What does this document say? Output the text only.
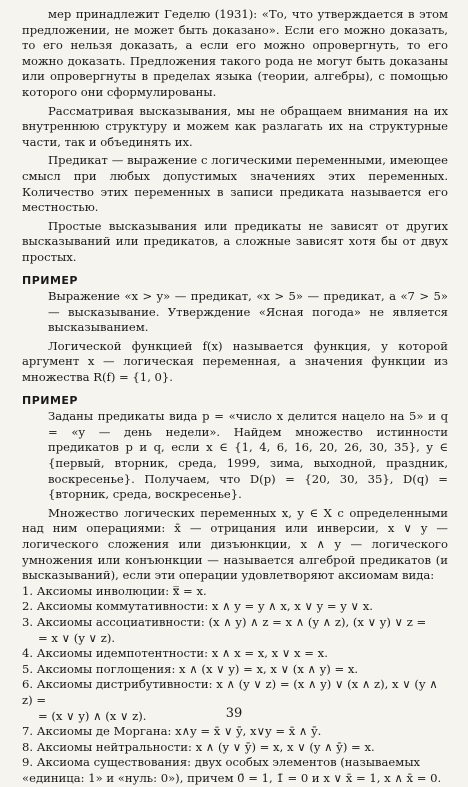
мер принадлежит Геделю (1931): «То, что утверждается в этом предложении, не может быть доказано». Если его можно доказать, то его нельзя доказать, а если его можно опровергнуть, то его можно доказать. Предложения такого рода не могут быть доказаны или опровергнуты в пределах языка (теории, алгебры), с помощью которого они сформулированы.

Рассматривая высказывания, мы не обращаем внимания на их внутреннюю структуру и можем как разлагать их на структурные части, так и объединять их.

Предикат — выражение с логическими переменными, имеющее смысл при любых допустимых значениях этих переменных. Количество этих переменных в записи предиката называется его местностью.

Простые высказывания или предикаты не зависят от других высказываний или предикатов, а сложные зависят хотя бы от двух простых.

ПРИМЕР

Выражение «x > y» — предикат, «x > 5» — предикат, а «7 > 5» — высказывание. Утверждение «Ясная погода» не является высказыванием.

Логической функцией f(x) называется функция, у которой аргумент x — логическая переменная, а значения функции из множества R(f) = {1, 0}.

ПРИМЕР

Заданы предикаты вида p = «число x делится нацело на 5» и q = «y — день недели». Найдем множество истинности предикатов p и q, если x ∈ {1, 4, 6, 16, 20, 26, 30, 35}, y ∈ {первый, вторник, среда, 1999, зима, выходной, праздник, воскресенье}. Получаем, что D(p) = {20, 30, 35}, D(q) = {вторник, среда, воскресенье}.

Множество логических переменных x, y ∈ X с определенными над ним операциями: x̄ — отрицания или инверсии, x ∨ y — логического сложения или дизъюнкции, x ∧ y — логического умножения или конъюнкции — называется алгеброй предикатов (и высказываний), если эти операции удовлетворяют аксиомам вида:

1. Аксиомы инволюции: x̿ = x.
2. Аксиомы коммутативности: x ∧ y = y ∧ x, x ∨ y = y ∨ x.
3. Аксиомы ассоциативности: (x ∧ y) ∧ z = x ∧ (y ∧ z), (x ∨ y) ∨ z =
= x ∨ (y ∨ z).
4. Аксиомы идемпотентности: x ∧ x = x, x ∨ x = x.
5. Аксиомы поглощения: x ∧ (x ∨ y) = x, x ∨ (x ∧ y) = x.
6. Аксиомы дистрибутивности: x ∧ (y ∨ z) = (x ∧ y) ∨ (x ∧ z), x ∨ (y ∧ z) =
= (x ∨ y) ∧ (x ∨ z).
7. Аксиомы де Моргана: x∧y = x̄ ∨ ȳ, x∨y = x̄ ∧ ȳ.
8. Аксиомы нейтральности: x ∧ (y ∨ ȳ) = x, x ∨ (y ∧ ȳ) = x.
9. Аксиома существования: двух особых элементов (называемых «единица: 1» и «нуль: 0»), причем 0̄ = 1, 1̄ = 0 и x ∨ x̄ = 1, x ∧ x̄ = 0.
39
